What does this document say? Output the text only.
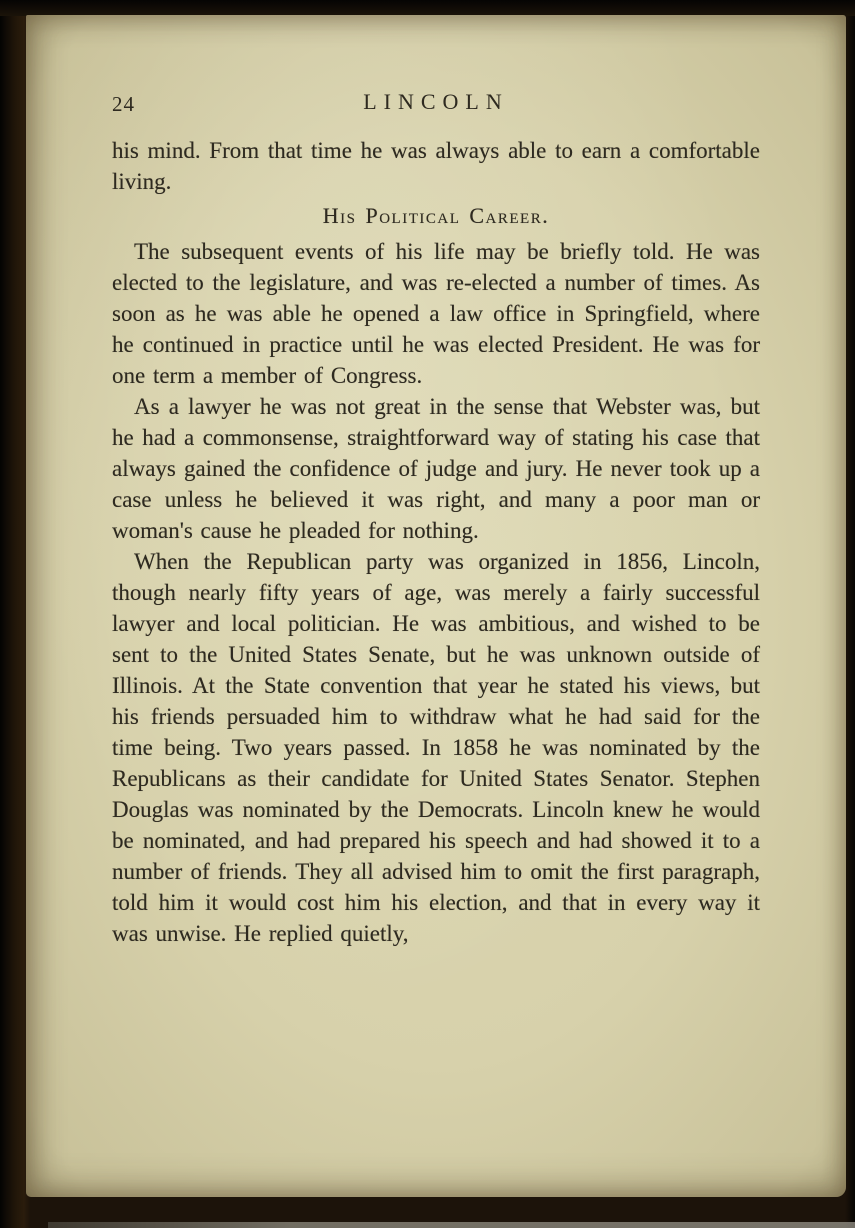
24	LINCOLN

his mind. From that time he was always able to earn a comfortable living.

His Political Career.

The subsequent events of his life may be briefly told. He was elected to the legislature, and was re-elected a number of times. As soon as he was able he opened a law office in Springfield, where he continued in practice until he was elected President. He was for one term a member of Congress.

As a lawyer he was not great in the sense that Webster was, but he had a commonsense, straightforward way of stating his case that always gained the confidence of judge and jury. He never took up a case unless he believed it was right, and many a poor man or woman's cause he pleaded for nothing.

When the Republican party was organized in 1856, Lincoln, though nearly fifty years of age, was merely a fairly successful lawyer and local politician. He was ambitious, and wished to be sent to the United States Senate, but he was unknown outside of Illinois. At the State convention that year he stated his views, but his friends persuaded him to withdraw what he had said for the time being. Two years passed. In 1858 he was nominated by the Republicans as their candidate for United States Senator. Stephen Douglas was nominated by the Democrats. Lincoln knew he would be nominated, and had prepared his speech and had showed it to a number of friends. They all advised him to omit the first paragraph, told him it would cost him his election, and that in every way it was unwise. He replied quietly,
